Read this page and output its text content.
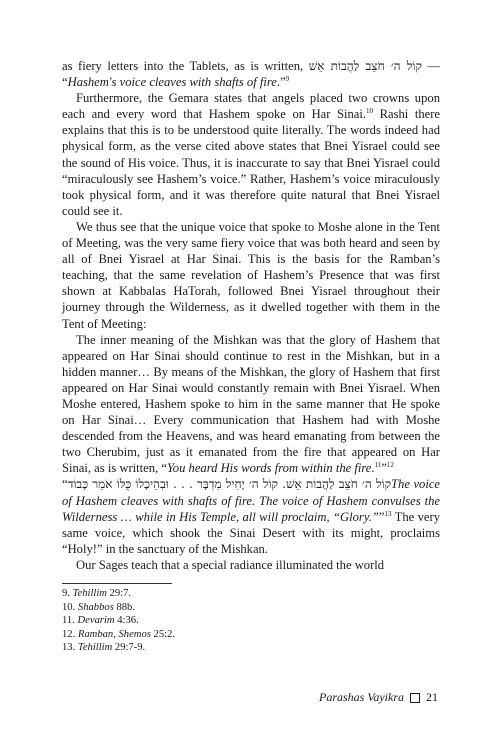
as fiery letters into the Tablets, as is written, קוֹל ה׳ חֹצֵב לַהֲבוֹת אֵשׁ — “Hashem's voice cleaves with shafts of fire.”$^9$

Furthermore, the Gemara states that angels placed two crowns upon each and every word that Hashem spoke on Har Sinai.$^{10}$ Rashi there explains that this is to be understood quite literally. The words indeed had physical form, as the verse cited above states that Bnei Yisrael could see the sound of His voice. Thus, it is inaccurate to say that Bnei Yisrael could “miraculously see Hashem’s voice.” Rather, Hashem’s voice miraculously took physical form, and it was therefore quite natural that Bnei Yisrael could see it.

We thus see that the unique voice that spoke to Moshe alone in the Tent of Meeting, was the very same fiery voice that was both heard and seen by all of Bnei Yisrael at Har Sinai. This is the basis for the Ramban’s teaching, that the same revelation of Hashem’s Presence that was first shown at Kabbalas HaTorah, followed Bnei Yisrael throughout their journey through the Wilderness, as it dwelled together with them in the Tent of Meeting:

The inner meaning of the Mishkan was that the glory of Hashem that appeared on Har Sinai should continue to rest in the Mishkan, but in a hidden manner… By means of the Mishkan, the glory of Hashem that first appeared on Har Sinai would constantly remain with Bnei Yisrael. When Moshe entered, Hashem spoke to him in the same manner that He spoke on Har Sinai… Every communication that Hashem had with Moshe descended from the Heavens, and was heard emanating from between the two Cherubim, just as it emanated from the fire that appeared on Har Sinai, as is written, “You heard His words from within the fire.$^{11}$”$^{12}$

“קוֹל ה׳ חֹצֵב לַהֲבוֹת אֵשׁ. קוֹל ה׳ יָחִיל מִדְבָּר . . . וּבְהֵיכָלוֹ כֻּלּוֹ אֹמֵר כָּבוֹדThe voice of Hashem cleaves with shafts of fire. The voice of Hashem convulses the Wilderness … while in His Temple, all will proclaim, “Glory.””$^{13}$ The very same voice, which shook the Sinai Desert with its might, proclaims “Holy!” in the sanctuary of the Mishkan.

Our Sages teach that a special radiance illuminated the world

9. Tehillim 29:7.
10. Shabbos 88b.
11. Devarim 4:36.
12. Ramban, Shemos 25:2.
13. Tehillim 29:7-9.
Parashas Vayikra 21
